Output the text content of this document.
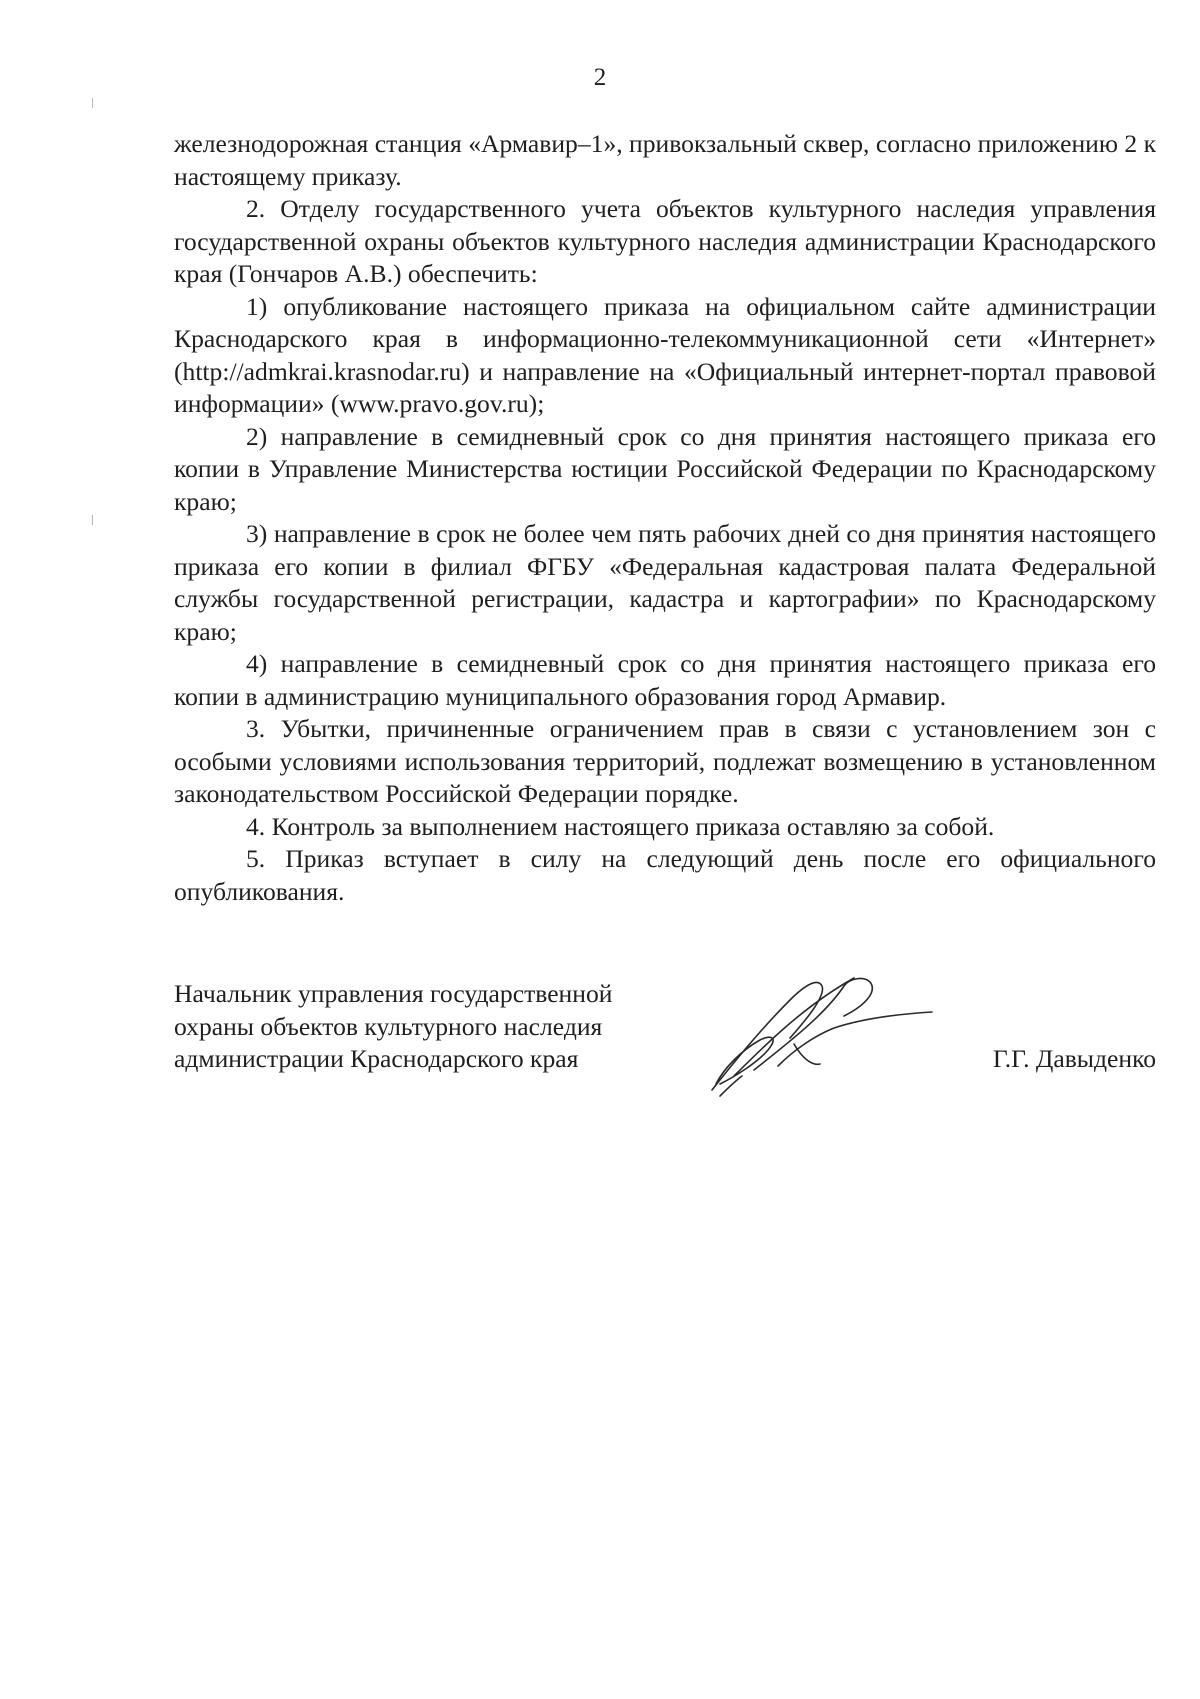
2

железнодорожная станция «Армавир–1», привокзальный сквер, согласно приложению 2 к настоящему приказу.

2. Отделу государственного учета объектов культурного наследия управления государственной охраны объектов культурного наследия администрации Краснодарского края (Гончаров А.В.) обеспечить:

1) опубликование настоящего приказа на официальном сайте администрации Краснодарского края в информационно-телекоммуникационной сети «Интернет» (http://admkrai.krasnodar.ru) и направление на «Официальный интернет-портал правовой информации» (www.pravo.gov.ru);

2) направление в семидневный срок со дня принятия настоящего приказа его копии в Управление Министерства юстиции Российской Федерации по Краснодарскому краю;

3) направление в срок не более чем пять рабочих дней со дня принятия настоящего приказа его копии в филиал ФГБУ «Федеральная кадастровая палата Федеральной службы государственной регистрации, кадастра и картографии» по Краснодарскому краю;

4) направление в семидневный срок со дня принятия настоящего приказа его копии в администрацию муниципального образования город Армавир.

3. Убытки, причиненные ограничением прав в связи с установлением зон с особыми условиями использования территорий, подлежат возмещению в установленном законодательством Российской Федерации порядке.

4. Контроль за выполнением настоящего приказа оставляю за собой.

5. Приказ вступает в силу на следующий день после его официального опубликования.

Начальник управления государственной
охраны объектов культурного наследия
администрации Краснодарского края	Г.Г. Давыденко
